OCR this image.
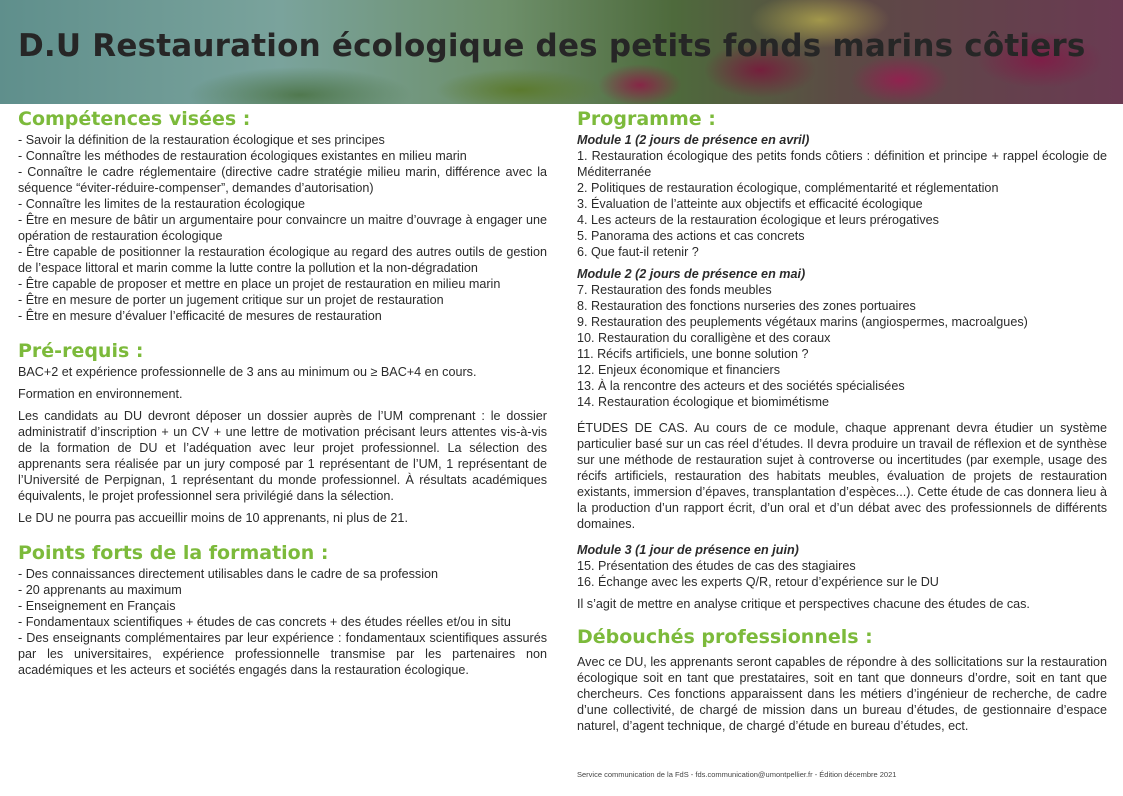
D.U Restauration écologique des petits fonds marins côtiers
Compétences visées :
- Savoir la définition de la restauration écologique et ses principes
- Connaître les méthodes de restauration écologiques existantes en milieu marin
- Connaître le cadre réglementaire (directive cadre stratégie milieu marin, différence avec la séquence “éviter-réduire-compenser”, demandes d’autorisation)
- Connaître les limites de la restauration écologique
- Être en mesure de bâtir un argumentaire pour convaincre un maitre d’ouvrage à engager une opération de restauration écologique
- Être capable de positionner la restauration écologique au regard des autres outils de gestion de l’espace littoral et marin comme la lutte contre la pollution et la non-dégradation
- Être capable de proposer et mettre en place un projet de restauration en milieu marin
- Être en mesure de porter un jugement critique sur un projet de restauration
- Être en mesure d’évaluer l’efficacité de mesures de restauration
Pré-requis :

BAC+2 et expérience professionnelle de 3 ans au minimum ou ≥ BAC+4 en cours.

Formation en environnement.

Les candidats au DU devront déposer un dossier auprès de l’UM comprenant : le dossier administratif d’inscription + un CV + une lettre de motivation précisant leurs attentes vis-à-vis de la formation de DU et l’adéquation avec leur projet professionnel. La sélection des apprenants sera réalisée par un jury composé par 1 représentant de l’UM, 1 représentant de l’Université de Perpignan, 1 représentant du monde professionnel. À résultats académiques équivalents, le projet professionnel sera privilégié dans la sélection.

Le DU ne pourra pas accueillir moins de 10 apprenants, ni plus de 21.

Points forts de la formation :
- Des connaissances directement utilisables dans le cadre de sa profession
- 20 apprenants au maximum
- Enseignement en Français
- Fondamentaux scientifiques + études de cas concrets + des études réelles et/ou in situ
- Des enseignants complémentaires par leur expérience : fondamentaux scientifiques assurés par les universitaires, expérience professionnelle transmise par les partenaires non académiques et les acteurs et sociétés engagés dans la restauration écologique.
Programme :

Module 1 (2 jours de présence en avril)

1. Restauration écologique des petits fonds côtiers : définition et principe + rappel écologie de Méditerranée
2. Politiques de restauration écologique, complémentarité et réglementation
3. Évaluation de l’atteinte aux objectifs et efficacité écologique
4. Les acteurs de la restauration écologique et leurs prérogatives
5. Panorama des actions et cas concrets
6. Que faut-il retenir ?

Module 2 (2 jours de présence en mai)

7. Restauration des fonds meubles
8. Restauration des fonctions nurseries des zones portuaires
9. Restauration des peuplements végétaux marins (angiospermes, macroalgues)
10. Restauration du coralligène et des coraux
11. Récifs artificiels, une bonne solution ?
12. Enjeux économique et financiers
13. À la rencontre des acteurs et des sociétés spécialisées
14. Restauration écologique et biomimétisme

ÉTUDES DE CAS. Au cours de ce module, chaque apprenant devra étudier un système particulier basé sur un cas réel d’études. Il devra produire un travail de réflexion et de synthèse sur une méthode de restauration sujet à controverse ou incertitudes (par exemple, usage des récifs artificiels, restauration des habitats meubles, évaluation de projets de restauration existants, immersion d’épaves, transplantation d’espèces...). Cette étude de cas donnera lieu à la production d’un rapport écrit, d’un oral et d’un débat avec des professionnels de différents domaines.

Module 3 (1 jour de présence en juin)

15. Présentation des études de cas des stagiaires
16. Échange avec les experts Q/R, retour d’expérience sur le DU

Il s’agit de mettre en analyse critique et perspectives chacune des études de cas.

Débouchés professionnels :

Avec ce DU, les apprenants seront capables de répondre à des sollicitations sur la restauration écologique soit en tant que prestataires, soit en tant que donneurs d’ordre, soit en tant que chercheurs. Ces fonctions apparaissent dans les métiers d’ingénieur de recherche, de cadre d’une collectivité, de chargé de mission dans un bureau d’études, de gestionnaire d’espace naturel, d’agent technique, de chargé d’étude en bureau d’études, ect.

Service communication de la FdS - fds.communication@umontpellier.fr - Édition décembre 2021
